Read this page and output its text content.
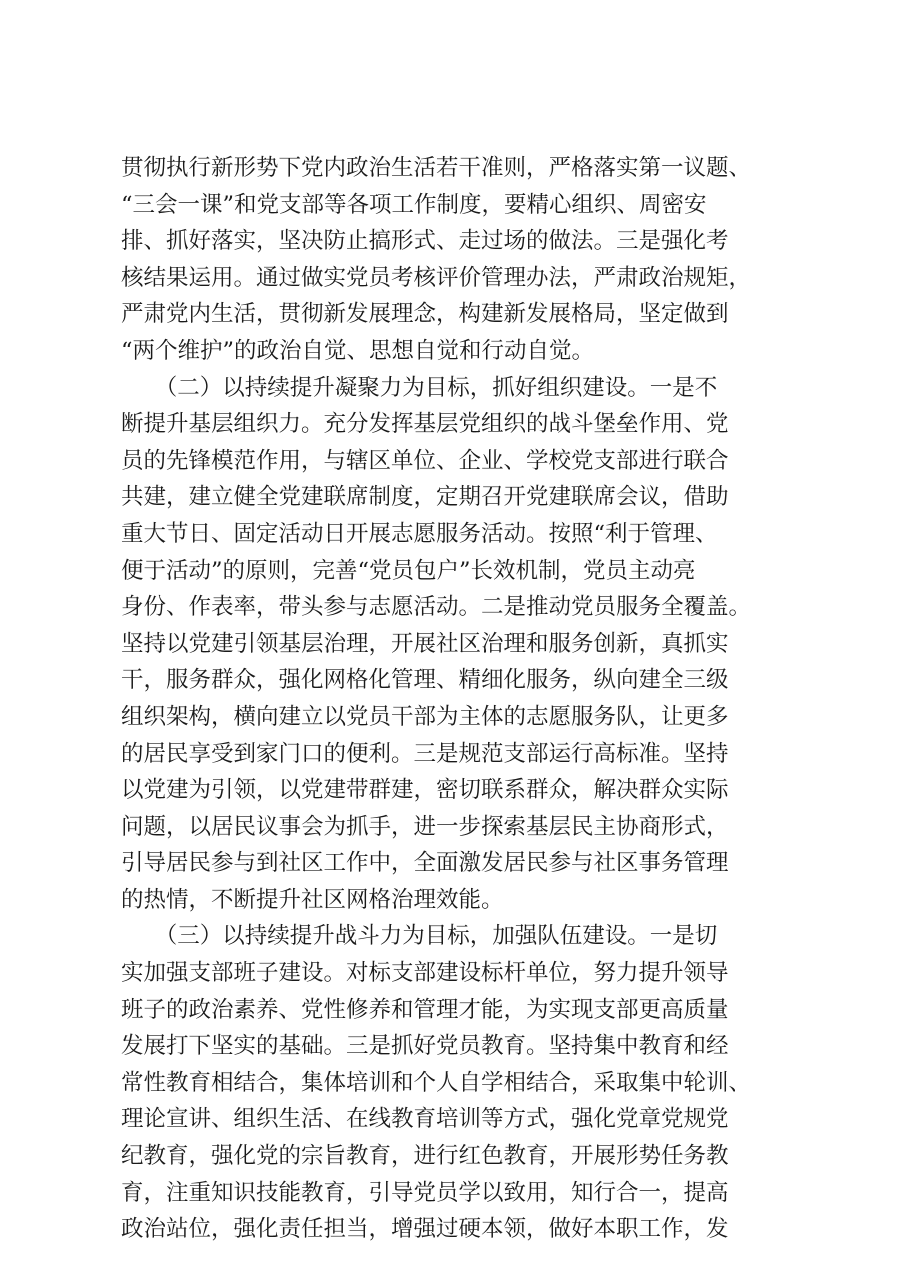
贯彻执行新形势下党内政治生活若干准则，严格落实第一议题、
“三会一课”和党支部等各项工作制度，要精心组织、周密安
排、抓好落实，坚决防止搞形式、走过场的做法。三是强化考
核结果运用。通过做实党员考核评价管理办法，严肃政治规矩，
严肃党内生活，贯彻新发展理念，构建新发展格局，坚定做到
“两个维护”的政治自觉、思想自觉和行动自觉。
　　（二）以持续提升凝聚力为目标，抓好组织建设。一是不
断提升基层组织力。充分发挥基层党组织的战斗堡垒作用、党
员的先锋模范作用，与辖区单位、企业、学校党支部进行联合
共建，建立健全党建联席制度，定期召开党建联席会议，借助
重大节日、固定活动日开展志愿服务活动。按照“利于管理、
便于活动”的原则，完善“党员包户”长效机制，党员主动亮
身份、作表率，带头参与志愿活动。二是推动党员服务全覆盖。
坚持以党建引领基层治理，开展社区治理和服务创新，真抓实
干，服务群众，强化网格化管理、精细化服务，纵向建全三级
组织架构，横向建立以党员干部为主体的志愿服务队，让更多
的居民享受到家门口的便利。三是规范支部运行高标准。坚持
以党建为引领，以党建带群建，密切联系群众，解决群众实际
问题，以居民议事会为抓手，进一步探索基层民主协商形式，
引导居民参与到社区工作中，全面激发居民参与社区事务管理
的热情，不断提升社区网格治理效能。
　　（三）以持续提升战斗力为目标，加强队伍建设。一是切
实加强支部班子建设。对标支部建设标杆单位，努力提升领导
班子的政治素养、党性修养和管理才能，为实现支部更高质量
发展打下坚实的基础。三是抓好党员教育。坚持集中教育和经
常性教育相结合，集体培训和个人自学相结合，采取集中轮训、
理论宣讲、组织生活、在线教育培训等方式，强化党章党规党
纪教育，强化党的宗旨教育，进行红色教育，开展形势任务教
育，注重知识技能教育，引导党员学以致用，知行合一，提高
政治站位，强化责任担当，增强过硬本领，做好本职工作，发
